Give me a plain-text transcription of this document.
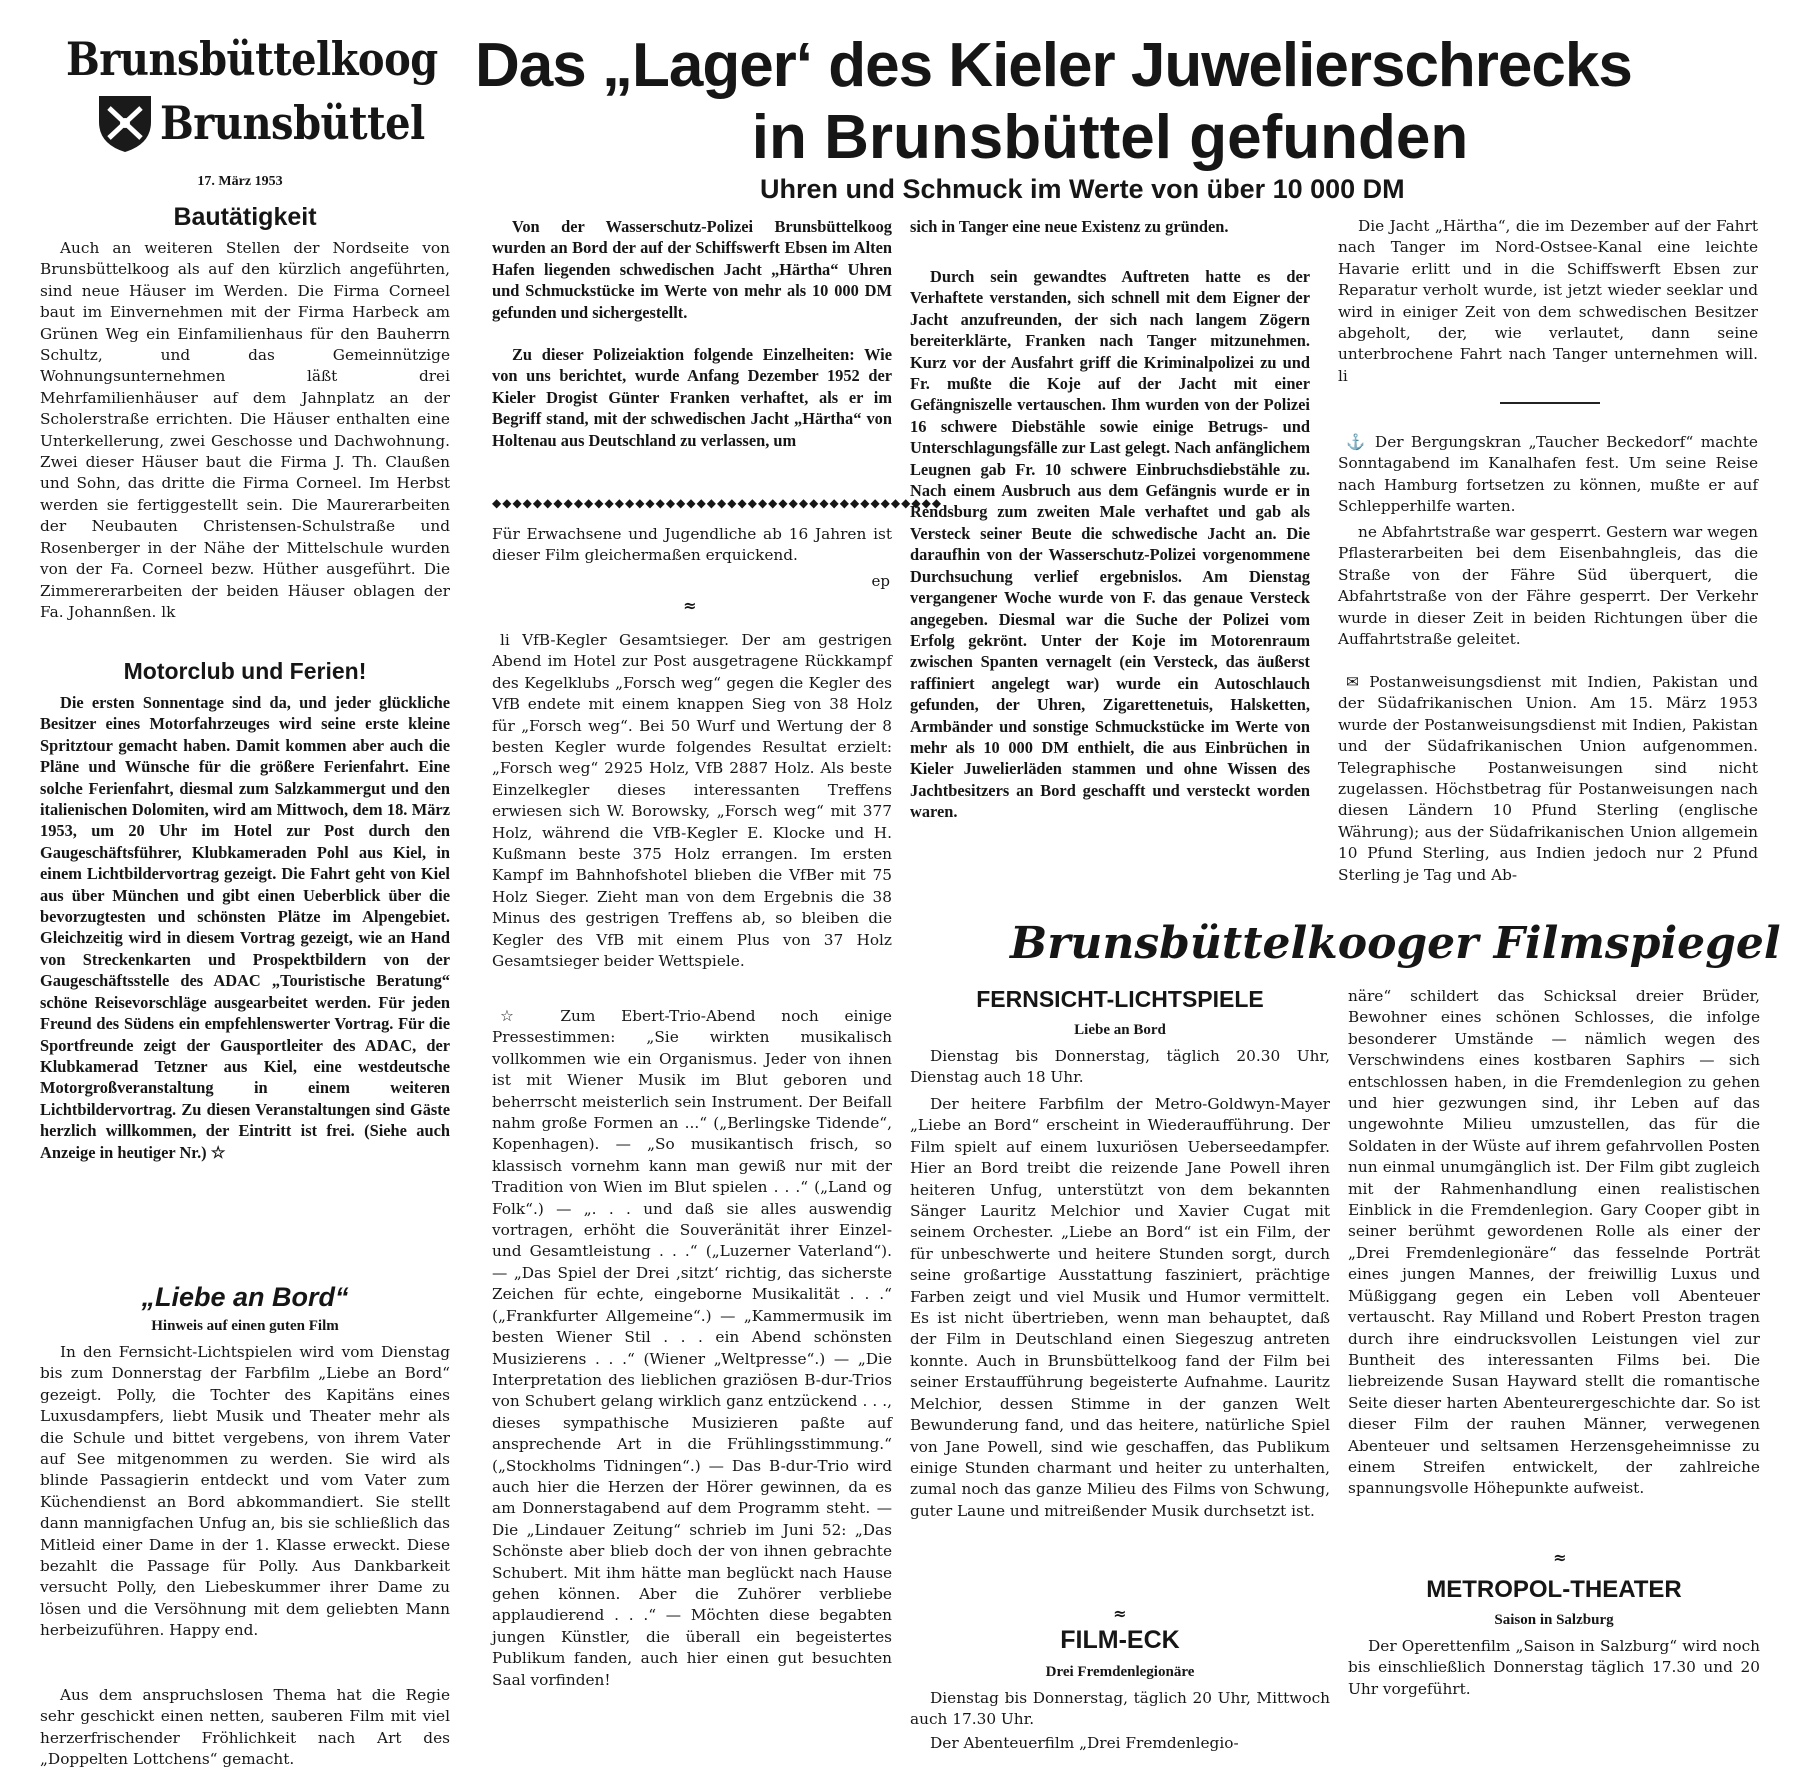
Brunsbüttelkoog
Brunsbüttel
17. März 1953
Das „Lager‘ des Kieler Juwelierschrecks
in Brunsbüttel gefunden
Uhren und Schmuck im Werte von über 10 000 DM
Bautätigkeit

Auch an weiteren Stellen der Nordseite von Brunsbüttelkoog als auf den kürzlich angeführten, sind neue Häuser im Werden. Die Firma Corneel baut im Einvernehmen mit der Firma Harbeck am Grünen Weg ein Einfamilienhaus für den Bauherrn Schultz, und das Gemeinnützige Wohnungsunternehmen läßt drei Mehrfamilienhäuser auf dem Jahnplatz an der Scholerstraße errichten. Die Häuser enthalten eine Unterkellerung, zwei Geschosse und Dachwohnung. Zwei dieser Häuser baut die Firma J. Th. Claußen und Sohn, das dritte die Firma Corneel. Im Herbst werden sie fertiggestellt sein. Die Maurerarbeiten der Neubauten Christensen-Schulstraße und Rosenberger in der Nähe der Mittelschule wurden von der Fa. Corneel bezw. Hüther ausgeführt. Die Zimmererarbeiten der beiden Häuser oblagen der Fa. Johannßen. lk

Motorclub und Ferien!

Die ersten Sonnentage sind da, und jeder glückliche Besitzer eines Motorfahrzeuges wird seine erste kleine Spritztour gemacht haben. Damit kommen aber auch die Pläne und Wünsche für die größere Ferienfahrt. Eine solche Ferienfahrt, diesmal zum Salzkammergut und den italienischen Dolomiten, wird am Mittwoch, dem 18. März 1953, um 20 Uhr im Hotel zur Post durch den Gaugeschäftsführer, Klubkameraden Pohl aus Kiel, in einem Lichtbildervortrag gezeigt. Die Fahrt geht von Kiel aus über München und gibt einen Ueberblick über die bevorzugtesten und schönsten Plätze im Alpengebiet. Gleichzeitig wird in diesem Vortrag gezeigt, wie an Hand von Streckenkarten und Prospektbildern von der Gaugeschäftsstelle des ADAC „Touristische Beratung“ schöne Reisevorschläge ausgearbeitet werden. Für jeden Freund des Südens ein empfehlenswerter Vortrag. Für die Sportfreunde zeigt der Gausportleiter des ADAC, der Klubkamerad Tetzner aus Kiel, eine westdeutsche Motorgroßveranstaltung in einem weiteren Lichtbildervortrag. Zu diesen Veranstaltungen sind Gäste herzlich willkommen, der Eintritt ist frei. (Siehe auch Anzeige in heutiger Nr.) ☆

„Liebe an Bord“
Hinweis auf einen guten Film

In den Fernsicht-Lichtspielen wird vom Dienstag bis zum Donnerstag der Farbfilm „Liebe an Bord“ gezeigt. Polly, die Tochter des Kapitäns eines Luxusdampfers, liebt Musik und Theater mehr als die Schule und bittet vergebens, von ihrem Vater auf See mitgenommen zu werden. Sie wird als blinde Passagierin entdeckt und vom Vater zum Küchendienst an Bord abkommandiert. Sie stellt dann mannigfachen Unfug an, bis sie schließlich das Mitleid einer Dame in der 1. Klasse erweckt. Diese bezahlt die Passage für Polly. Aus Dankbarkeit versucht Polly, den Liebeskummer ihrer Dame zu lösen und die Versöhnung mit dem geliebten Mann herbeizuführen. Happy end.

Aus dem anspruchslosen Thema hat die Regie sehr geschickt einen netten, sauberen Film mit viel herzerfrischender Fröhlichkeit nach Art des „Doppelten Lottchens“ gemacht.

Von der Wasserschutz-Polizei Brunsbüttelkoog wurden an Bord der auf der Schiffswerft Ebsen im Alten Hafen liegenden schwedischen Jacht „Härtha“ Uhren und Schmuckstücke im Werte von mehr als 10 000 DM gefunden und sichergestellt.

Zu dieser Polizeiaktion folgende Einzelheiten: Wie von uns berichtet, wurde Anfang Dezember 1952 der Kieler Drogist Günter Franken verhaftet, als er im Begriff stand, mit der schwedischen Jacht „Härtha“ von Holtenau aus Deutschland zu verlassen, um

◆◆◆◆◆◆◆◆◆◆◆◆◆◆◆◆◆◆◆◆◆◆◆◆◆◆◆◆◆◆◆◆◆◆◆◆◆◆◆◆◆◆◆◆

Für Erwachsene und Jugendliche ab 16 Jahren ist dieser Film gleichermaßen erquickend.

ep
≈

li VfB-Kegler Gesamtsieger. Der am gestrigen Abend im Hotel zur Post ausgetragene Rückkampf des Kegelklubs „Forsch weg“ gegen die Kegler des VfB endete mit einem knappen Sieg von 38 Holz für „Forsch weg“. Bei 50 Wurf und Wertung der 8 besten Kegler wurde folgendes Resultat erzielt: „Forsch weg“ 2925 Holz, VfB 2887 Holz. Als beste Einzelkegler dieses interessanten Treffens erwiesen sich W. Borowsky, „Forsch weg“ mit 377 Holz, während die VfB-Kegler E. Klocke und H. Kußmann beste 375 Holz errangen. Im ersten Kampf im Bahnhofshotel blieben die VfBer mit 75 Holz Sieger. Zieht man von dem Ergebnis die 38 Minus des gestrigen Treffens ab, so bleiben die Kegler des VfB mit einem Plus von 37 Holz Gesamtsieger beider Wettspiele.

☆ Zum Ebert-Trio-Abend noch einige Pressestimmen: „Sie wirkten musikalisch vollkommen wie ein Organismus. Jeder von ihnen ist mit Wiener Musik im Blut geboren und beherrscht meisterlich sein Instrument. Der Beifall nahm große Formen an ...“ („Berlingske Tidende“, Kopenhagen). — „So musikantisch frisch, so klassisch vornehm kann man gewiß nur mit der Tradition von Wien im Blut spielen . . .“ („Land og Folk“.) — „. . . und daß sie alles auswendig vortragen, erhöht die Souveränität ihrer Einzel- und Gesamtleistung . . .“ („Luzerner Vaterland“). — „Das Spiel der Drei ‚sitzt‘ richtig, das sicherste Zeichen für echte, eingeborne Musikalität . . .“ („Frankfurter Allgemeine“.) — „Kammermusik im besten Wiener Stil . . . ein Abend schönsten Musizierens . . .“ (Wiener „Weltpresse“.) — „Die Interpretation des lieblichen graziösen B-dur-Trios von Schubert gelang wirklich ganz entzückend . . ., dieses sympathische Musizieren paßte auf ansprechende Art in die Frühlingsstimmung.“ („Stockholms Tidningen“.) — Das B-dur-Trio wird auch hier die Herzen der Hörer gewinnen, da es am Donnerstagabend auf dem Programm steht. — Die „Lindauer Zeitung“ schrieb im Juni 52: „Das Schönste aber blieb doch der von ihnen gebrachte Schubert. Mit ihm hätte man beglückt nach Hause gehen können. Aber die Zuhörer verbliebe applaudierend . . .“ — Möchten diese begabten jungen Künstler, die überall ein begeistertes Publikum fanden, auch hier einen gut besuchten Saal vorfinden!

sich in Tanger eine neue Existenz zu gründen.

Durch sein gewandtes Auftreten hatte es der Verhaftete verstanden, sich schnell mit dem Eigner der Jacht anzufreunden, der sich nach langem Zögern bereiterklärte, Franken nach Tanger mitzunehmen. Kurz vor der Ausfahrt griff die Kriminalpolizei zu und Fr. mußte die Koje auf der Jacht mit einer Gefängniszelle vertauschen. Ihm wurden von der Polizei 16 schwere Diebstähle sowie einige Betrugs- und Unterschlagungsfälle zur Last gelegt. Nach anfänglichem Leugnen gab Fr. 10 schwere Einbruchsdiebstähle zu. Nach einem Ausbruch aus dem Gefängnis wurde er in Rendsburg zum zweiten Male verhaftet und gab als Versteck seiner Beute die schwedische Jacht an. Die daraufhin von der Wasserschutz-Polizei vorgenommene Durchsuchung verlief ergebnislos. Am Dienstag vergangener Woche wurde von F. das genaue Versteck angegeben. Diesmal war die Suche der Polizei vom Erfolg gekrönt. Unter der Koje im Motorenraum zwischen Spanten vernagelt (ein Versteck, das äußerst raffiniert angelegt war) wurde ein Autoschlauch gefunden, der Uhren, Zigarettenetuis, Halsketten, Armbänder und sonstige Schmuckstücke im Werte von mehr als 10 000 DM enthielt, die aus Einbrüchen in Kieler Juwelierläden stammen und ohne Wissen des Jachtbesitzers an Bord geschafft und versteckt worden waren.

Die Jacht „Härtha“, die im Dezember auf der Fahrt nach Tanger im Nord-Ostsee-Kanal eine leichte Havarie erlitt und in die Schiffswerft Ebsen zur Reparatur verholt wurde, ist jetzt wieder seeklar und wird in einiger Zeit von dem schwedischen Besitzer abgeholt, der, wie verlautet, dann seine unterbrochene Fahrt nach Tanger unternehmen will. li

⚓ Der Bergungskran „Taucher Beckedorf“ machte Sonntagabend im Kanalhafen fest. Um seine Reise nach Hamburg fortsetzen zu können, mußte er auf Schlepperhilfe warten.

ne Abfahrtstraße war gesperrt. Gestern war wegen Pflasterarbeiten bei dem Eisenbahngleis, das die Straße von der Fähre Süd überquert, die Abfahrtstraße von der Fähre gesperrt. Der Verkehr wurde in dieser Zeit in beiden Richtungen über die Auffahrtstraße geleitet.

✉ Postanweisungsdienst mit Indien, Pakistan und der Südafrikanischen Union. Am 15. März 1953 wurde der Postanweisungsdienst mit Indien, Pakistan und der Südafrikanischen Union aufgenommen. Telegraphische Postanweisungen sind nicht zugelassen. Höchstbetrag für Postanweisungen nach diesen Ländern 10 Pfund Sterling (englische Währung); aus der Südafrikanischen Union allgemein 10 Pfund Sterling, aus Indien jedoch nur 2 Pfund Sterling je Tag und Ab-

Brunsbüttelkooger Filmspiegel
FERNSICHT-LICHTSPIELE
Liebe an Bord

Dienstag bis Donnerstag, täglich 20.30 Uhr, Dienstag auch 18 Uhr.

Der heitere Farbfilm der Metro-Goldwyn-Mayer „Liebe an Bord“ erscheint in Wiederaufführung. Der Film spielt auf einem luxuriösen Ueberseedampfer. Hier an Bord treibt die reizende Jane Powell ihren heiteren Unfug, unterstützt von dem bekannten Sänger Lauritz Melchior und Xavier Cugat mit seinem Orchester. „Liebe an Bord“ ist ein Film, der für unbeschwerte und heitere Stunden sorgt, durch seine großartige Ausstattung fasziniert, prächtige Farben zeigt und viel Musik und Humor vermittelt. Es ist nicht übertrieben, wenn man behauptet, daß der Film in Deutschland einen Siegeszug antreten konnte. Auch in Brunsbüttelkoog fand der Film bei seiner Erstaufführung begeisterte Aufnahme. Lauritz Melchior, dessen Stimme in der ganzen Welt Bewunderung fand, und das heitere, natürliche Spiel von Jane Powell, sind wie geschaffen, das Publikum einige Stunden charmant und heiter zu unterhalten, zumal noch das ganze Milieu des Films von Schwung, guter Laune und mitreißender Musik durchsetzt ist.

≈
FILM-ECK
Drei Fremdenlegionäre

Dienstag bis Donnerstag, täglich 20 Uhr, Mittwoch auch 17.30 Uhr.

Der Abenteuerfilm „Drei Fremdenlegio-

näre“ schildert das Schicksal dreier Brüder, Bewohner eines schönen Schlosses, die infolge besonderer Umstände — nämlich wegen des Verschwindens eines kostbaren Saphirs — sich entschlossen haben, in die Fremdenlegion zu gehen und hier gezwungen sind, ihr Leben auf das ungewohnte Milieu umzustellen, das für die Soldaten in der Wüste auf ihrem gefahrvollen Posten nun einmal unumgänglich ist. Der Film gibt zugleich mit der Rahmenhandlung einen realistischen Einblick in die Fremdenlegion. Gary Cooper gibt in seiner berühmt gewordenen Rolle als einer der „Drei Fremdenlegionäre“ das fesselnde Porträt eines jungen Mannes, der freiwillig Luxus und Müßiggang gegen ein Leben voll Abenteuer vertauscht. Ray Milland und Robert Preston tragen durch ihre eindrucksvollen Leistungen viel zur Buntheit des interessanten Films bei. Die liebreizende Susan Hayward stellt die romantische Seite dieser harten Abenteurergeschichte dar. So ist dieser Film der rauhen Männer, verwegenen Abenteuer und seltsamen Herzensgeheimnisse zu einem Streifen entwickelt, der zahlreiche spannungsvolle Höhepunkte aufweist.

≈
METROPOL-THEATER
Saison in Salzburg

Der Operettenfilm „Saison in Salzburg“ wird noch bis einschließlich Donnerstag täglich 17.30 und 20 Uhr vorgeführt.
